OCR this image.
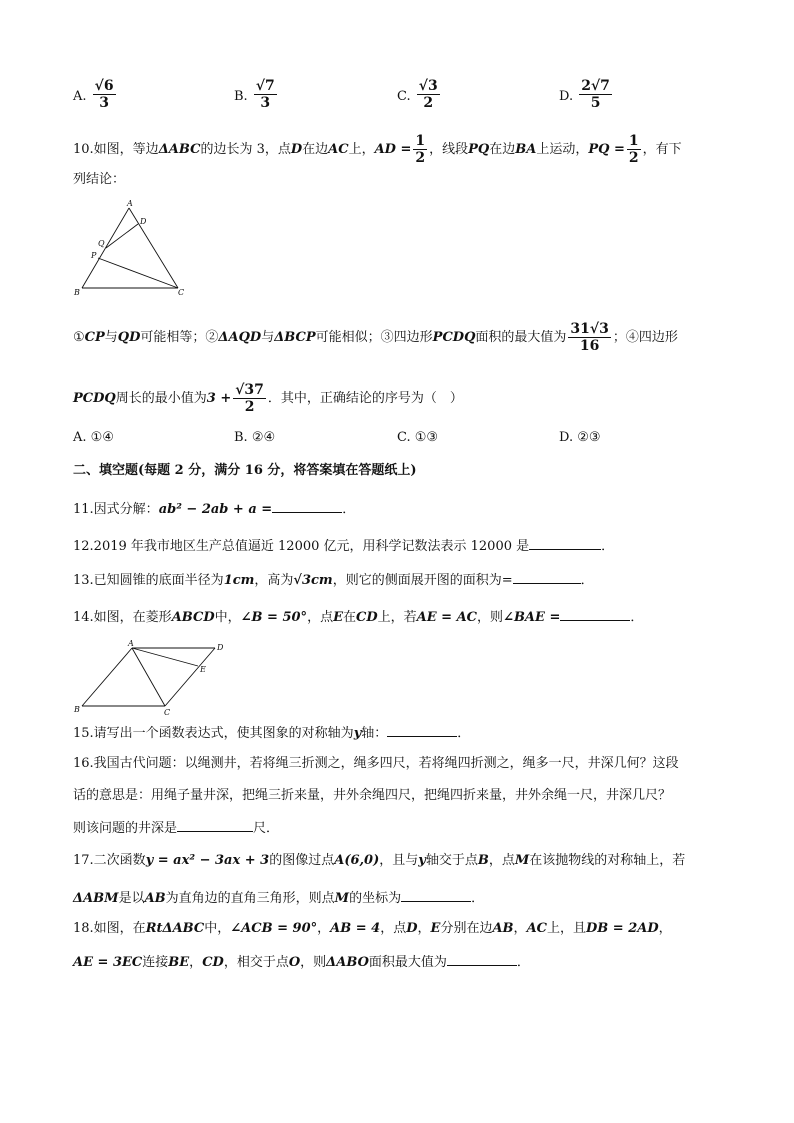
A. $\frac{√6}{3}$	B. $\frac{√7}{3}$	C. $\frac{√3}{2}$	D. $\frac{2√7}{5}$
10.如图，等边ΔABC的边长为 3，点D在边AC上，AD = $\frac{1}{2}$ ，线段PQ在边BA上运动，PQ = $\frac{1}{2}$ ，有下
列结论：
A
D
Q
P
B	C
①CP与QD可能相等；②ΔAQD与ΔBCP可能相似；③四边形PCDQ面积的最大值为 $\frac{31√3}{16}$ ；④四边形
PCDQ周长的最小值为$3 + \frac{√37}{2}$ ．其中，正确结论的序号为（　）
A. ①④	B. ②④	C. ①③	D. ②③
二、填空题(每题 2 分，满分 16 分，将答案填在答题纸上)
11.因式分解：ab² − 2ab + a =	．
12.2019 年我市地区生产总值逼近 12000 亿元，用科学记数法表示 12000 是	．
13.已知圆锥的底面半径为1cm，高为√3cm，则它的侧面展开图的面积为=	．
14.如图，在菱形ABCD中，∠B = 50°，点E在CD上，若AE = AC，则∠BAE =	．
A	D
E
B	C
15.请写出一个函数表达式，使其图象的对称轴为y轴：	．
16.我国古代问题：以绳测井，若将绳三折测之，绳多四尺，若将绳四折测之，绳多一尺，井深几何？这段
话的意思是：用绳子量井深，把绳三折来量，井外余绳四尺，把绳四折来量，井外余绳一尺，井深几尺？
则该问题的井深是	尺．
17.二次函数y = ax² − 3ax + 3的图像过点A(6,0)，且与y轴交于点B，点M在该抛物线的对称轴上，若
ΔABM是以AB为直角边的直角三角形，则点M的坐标为	．
18.如图，在RtΔABC中，∠ACB = 90°，AB = 4，点D，E分别在边AB，AC上，且DB = 2AD，
AE = 3EC连接BE，CD，相交于点O，则ΔABO面积最大值为	．
